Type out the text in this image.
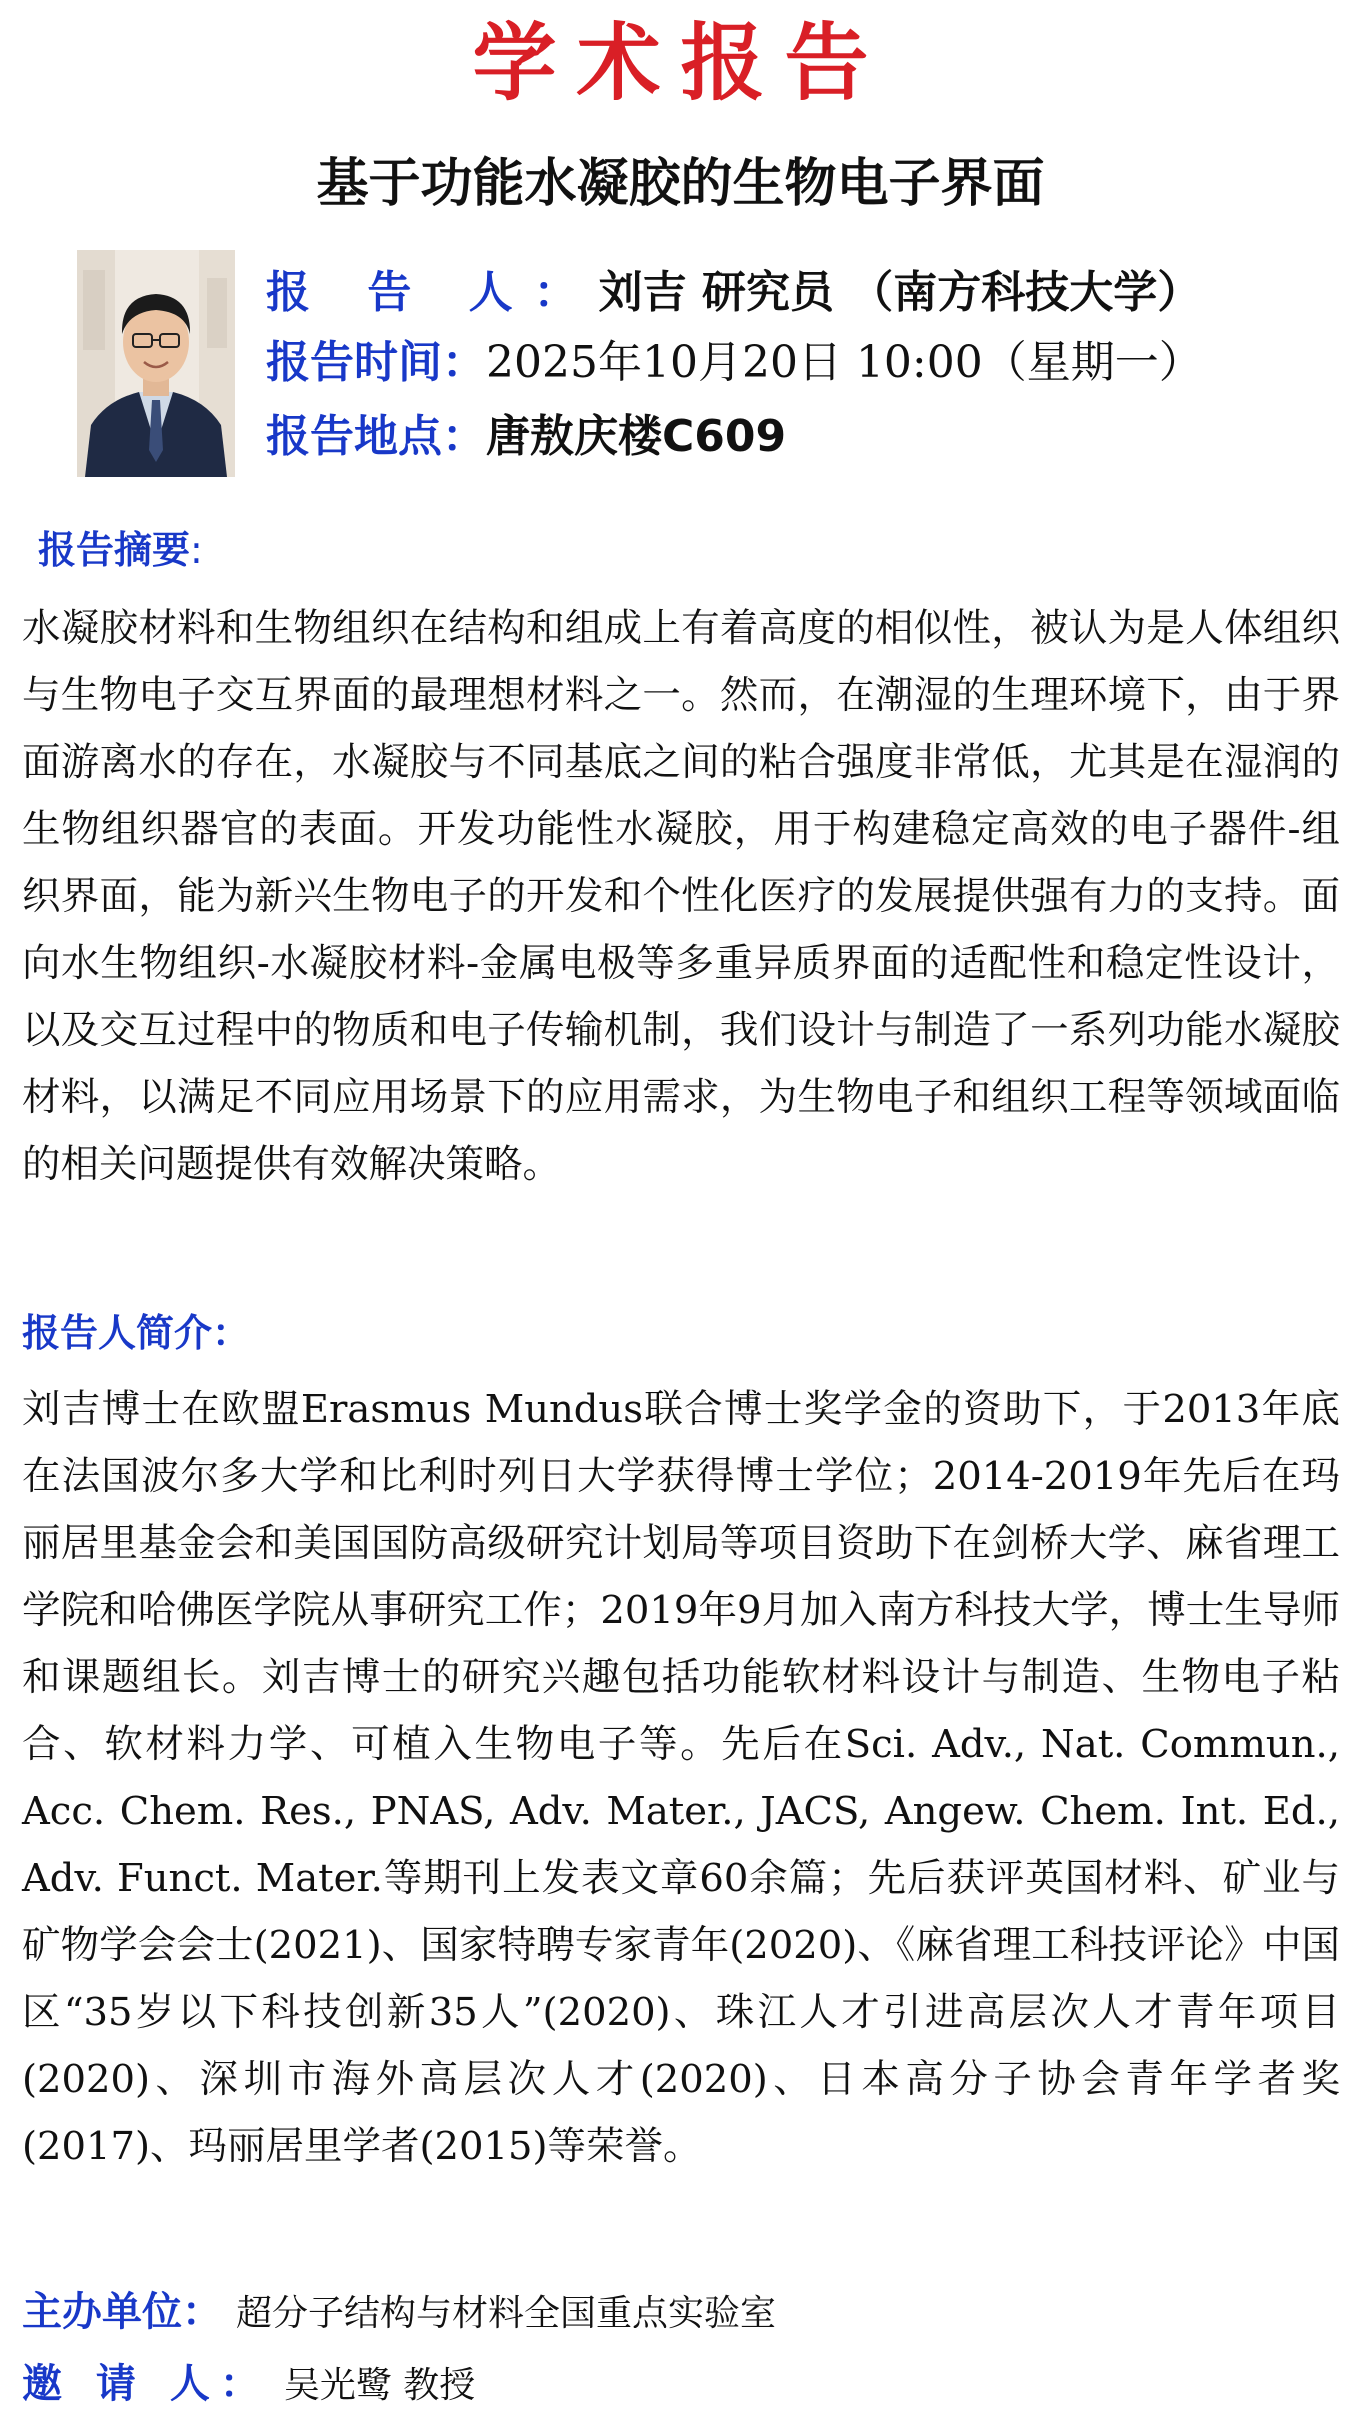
学术报告
基于功能水凝胶的生物电子界面
报 告 人：刘吉 研究员 （南方科技大学）
报告时间：2025年10月20日 10:00（星期一）
报告地点：唐敖庆楼C609
报告摘要:

水凝胶材料和生物组织在结构和组成上有着高度的相似性，被认为是人体组织与生物电子交互界面的最理想材料之一。然而，在潮湿的生理环境下，由于界面游离水的存在，水凝胶与不同基底之间的粘合强度非常低，尤其是在湿润的生物组织器官的表面。开发功能性水凝胶，用于构建稳定高效的电子器件-组织界面，能为新兴生物电子的开发和个性化医疗的发展提供强有力的支持。面向水生物组织-水凝胶材料-金属电极等多重异质界面的适配性和稳定性设计，以及交互过程中的物质和电子传输机制，我们设计与制造了一系列功能水凝胶材料，以满足不同应用场景下的应用需求，为生物电子和组织工程等领域面临的相关问题提供有效解决策略。

报告人简介：

刘吉博士在欧盟Erasmus Mundus联合博士奖学金的资助下，于2013年底在法国波尔多大学和比利时列日大学获得博士学位；2014-2019年先后在玛丽居里基金会和美国国防高级研究计划局等项目资助下在剑桥大学、麻省理工学院和哈佛医学院从事研究工作；2019年9月加入南方科技大学，博士生导师和课题组长。刘吉博士的研究兴趣包括功能软材料设计与制造、生物电子粘合、软材料力学、可植入生物电子等。先后在Sci. Adv., Nat. Commun., Acc. Chem. Res., PNAS, Adv. Mater., JACS, Angew. Chem. Int. Ed., Adv. Funct. Mater.等期刊上发表文章60余篇；先后获评英国材料、矿业与矿物学会会士(2021)、国家特聘专家青年(2020)、《麻省理工科技评论》中国区“35岁以下科技创新35人”(2020)、珠江人才引进高层次人才青年项目(2020)、深圳市海外高层次人才(2020)、日本高分子协会青年学者奖(2017)、玛丽居里学者(2015)等荣誉。

主办单位： 超分子结构与材料全国重点实验室
邀 请 人： 吴光鹭 教授
